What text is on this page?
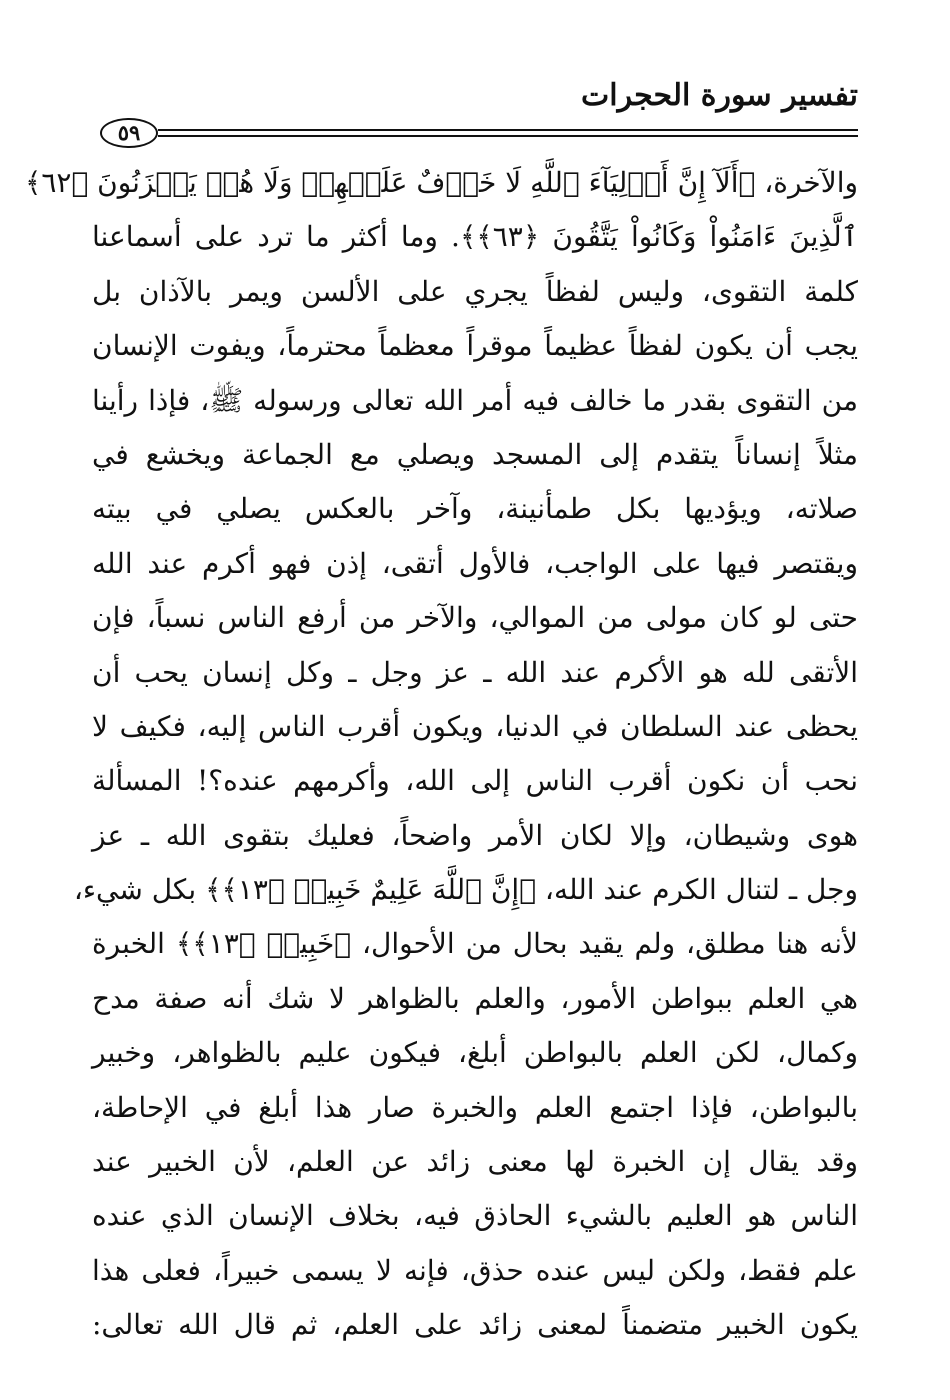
تفسير سورة الحجرات
٥٩
والآخرة، ﴿أَلَآ إِنَّ أَوۡلِيَآءَ ٱللَّهِ لَا خَوۡفٌ عَلَيۡهِمۡ وَلَا هُمۡ يَحۡزَنُونَ ﴿٦٢﴾
ٱلَّذِينَ ءَامَنُواْ وَكَانُواْ يَتَّقُونَ ﴿٦٣﴾﴾. وما أكثر ما ترد على أسماعنا
كلمة التقوى، وليس لفظاً يجري على الألسن ويمر بالآذان بل
يجب أن يكون لفظاً عظيماً موقراً معظماً محترماً، ويفوت الإنسان
من التقوى بقدر ما خالف فيه أمر الله تعالى ورسوله ﷺ، فإذا رأينا
مثلاً إنساناً يتقدم إلى المسجد ويصلي مع الجماعة ويخشع في
صلاته، ويؤديها بكل طمأنينة، وآخر بالعكس يصلي في بيته
ويقتصر فيها على الواجب، فالأول أتقى، إذن فهو أكرم عند الله
حتى لو كان مولى من الموالي، والآخر من أرفع الناس نسباً، فإن
الأتقى لله هو الأكرم عند الله ـ عز وجل ـ وكل إنسان يحب أن
يحظى عند السلطان في الدنيا، ويكون أقرب الناس إليه، فكيف لا
نحب أن نكون أقرب الناس إلى الله، وأكرمهم عنده؟! المسألة
هوى وشيطان، وإلا لكان الأمر واضحاً، فعليك بتقوى الله ـ عز
وجل ـ لتنال الكرم عند الله، ﴿إِنَّ ٱللَّهَ عَلِيمٌ خَبِيرٞ ﴿١٣﴾﴾ بكل شيء،
لأنه هنا مطلق، ولم يقيد بحال من الأحوال، ﴿خَبِيرٞ ﴿١٣﴾﴾ الخبرة
هي العلم ببواطن الأمور، والعلم بالظواهر لا شك أنه صفة مدح
وكمال، لكن العلم بالبواطن أبلغ، فيكون عليم بالظواهر، وخبير
بالبواطن، فإذا اجتمع العلم والخبرة صار هذا أبلغ في الإحاطة،
وقد يقال إن الخبرة لها معنى زائد عن العلم، لأن الخبير عند
الناس هو العليم بالشيء الحاذق فيه، بخلاف الإنسان الذي عنده
علم فقط، ولكن ليس عنده حذق، فإنه لا يسمى خبيراً، فعلى هذا
يكون الخبير متضمناً لمعنى زائد على العلم، ثم قال الله تعالى:
